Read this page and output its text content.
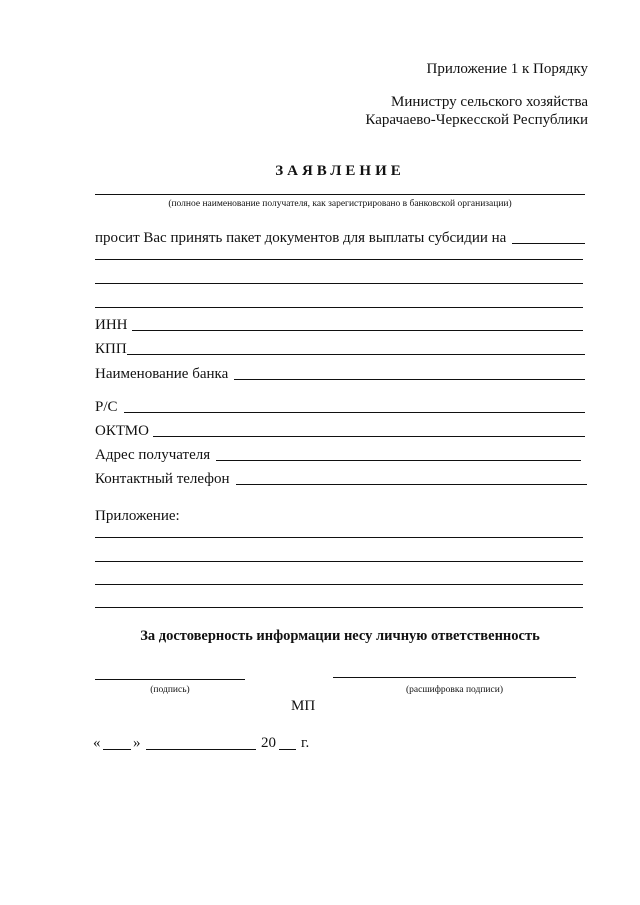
Приложение 1 к Порядку
Министру сельского хозяйства
Карачаево-Черкесской Республики
ЗАЯВЛЕНИЕ
(полное наименование получателя, как зарегистрировано в банковской организации)
просит Вас принять пакет документов для выплаты субсидии на
ИНН
КПП
Наименование банка
Р/С
ОКТМО
Адрес получателя
Контактный телефон
Приложение:
За достоверность информации несу личную ответственность
(подпись)	(расшифровка подписи)
МП
« »	20 г.
